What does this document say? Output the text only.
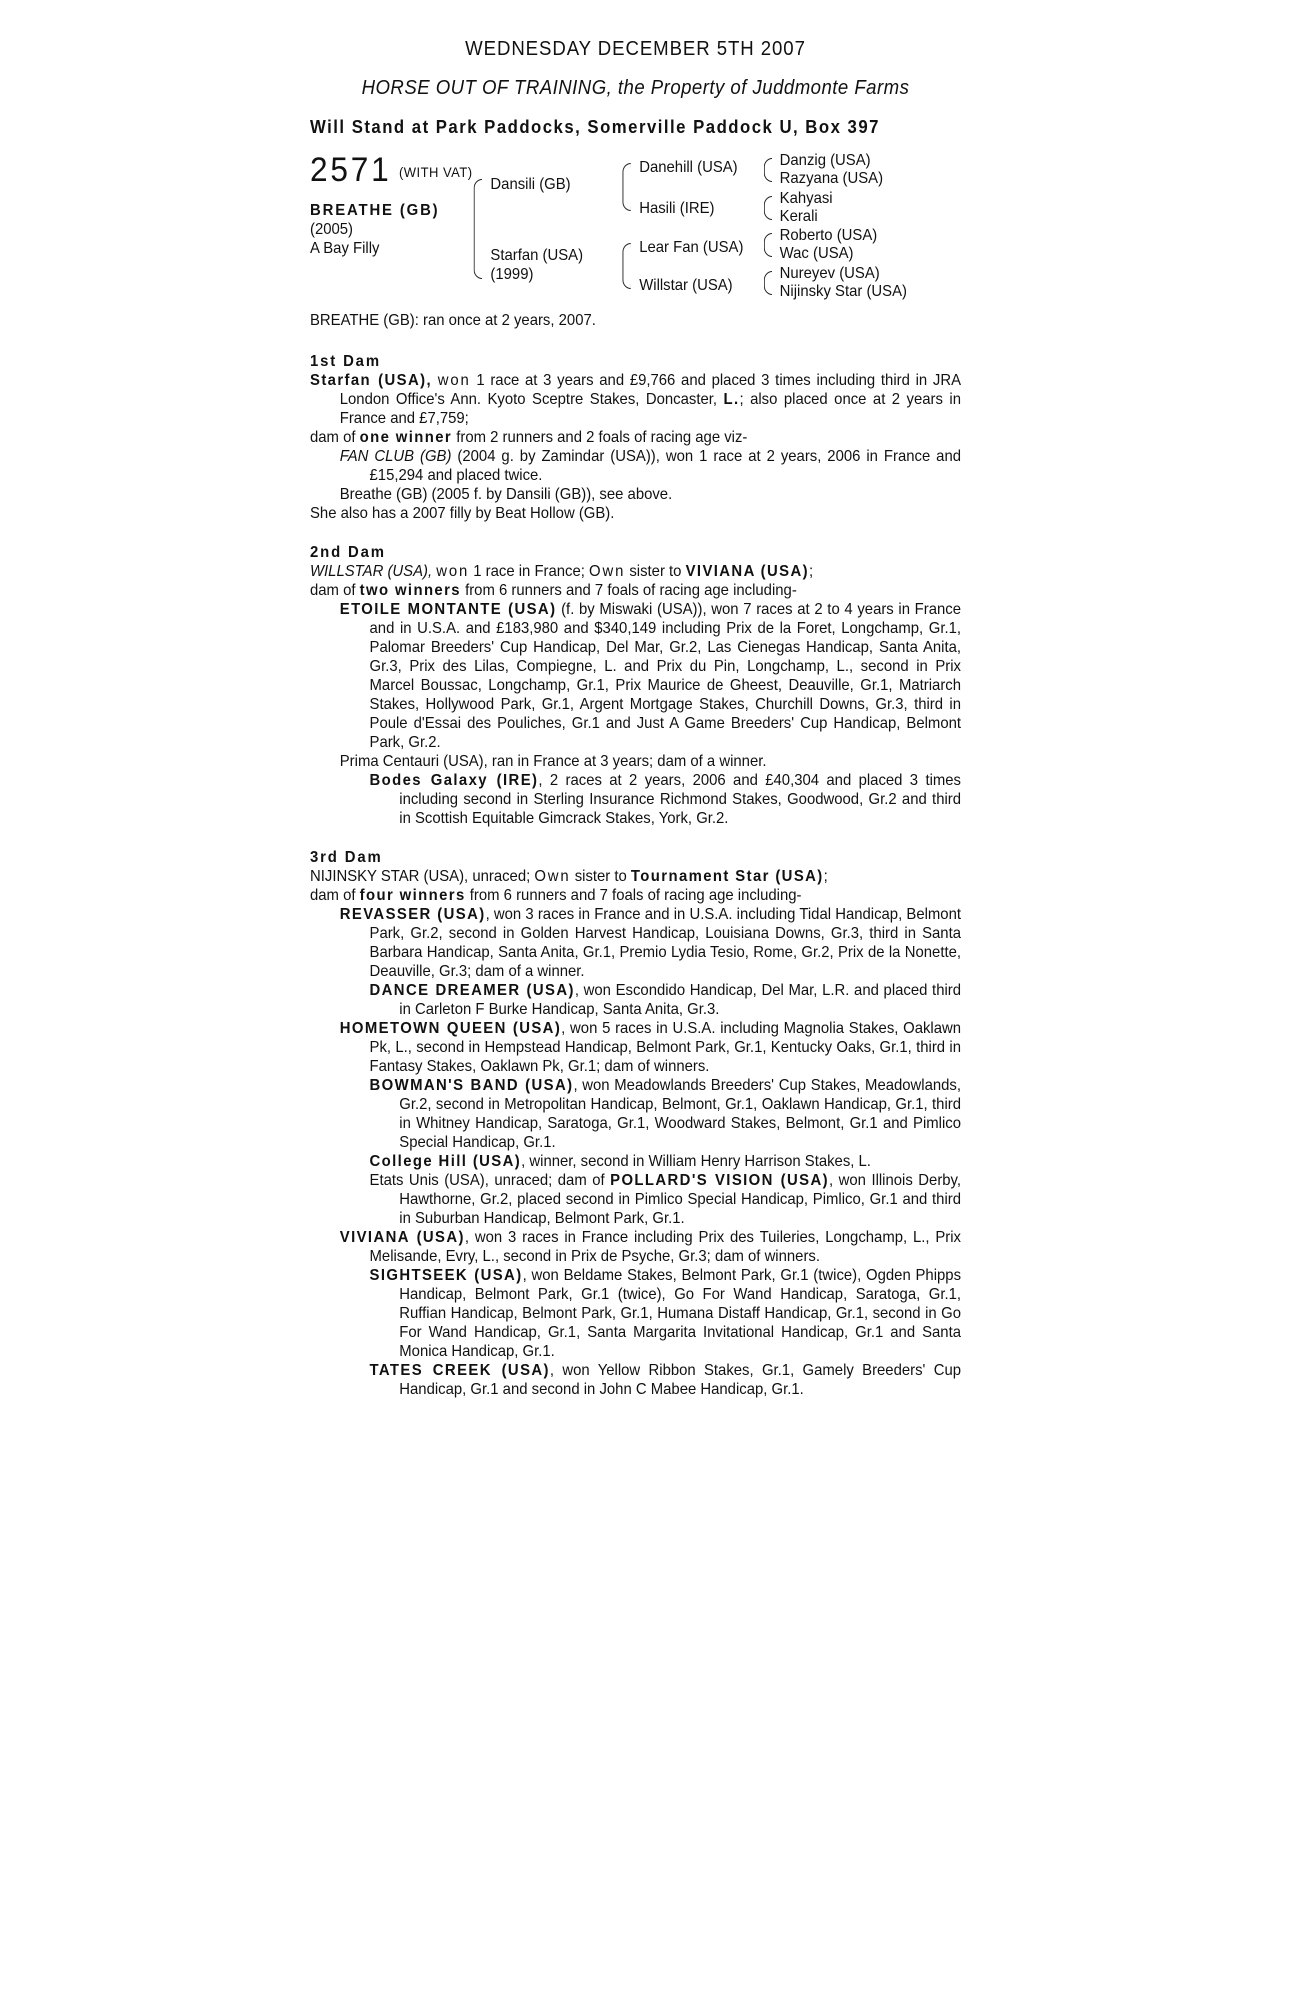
WEDNESDAY DECEMBER 5TH 2007
HORSE OUT OF TRAINING, the Property of Juddmonte Farms
Will Stand at Park Paddocks, Somerville Paddock U, Box 397
2571 (WITH VAT)
BREATHE (GB)
(2005)
A Bay Filly
Dansili (GB)
Starfan (USA)
(1999)
Danehill (USA)
Hasili (IRE)
Lear Fan (USA)
Willstar (USA)
Danzig (USA)
Razyana (USA)
Kahyasi
Kerali
Roberto (USA)
Wac (USA)
Nureyev (USA)
Nijinsky Star (USA)
BREATHE (GB): ran once at 2 years, 2007.
1st Dam

Starfan (USA), won 1 race at 3 years and £9,766 and placed 3 times including third in JRA London Office's Ann. Kyoto Sceptre Stakes, Doncaster, L.; also placed once at 2 years in France and £7,759;

dam of one winner from 2 runners and 2 foals of racing age viz-

FAN CLUB (GB) (2004 g. by Zamindar (USA)), won 1 race at 2 years, 2006 in France and £15,294 and placed twice.

Breathe (GB) (2005 f. by Dansili (GB)), see above.

She also has a 2007 filly by Beat Hollow (GB).

2nd Dam

WILLSTAR (USA), won 1 race in France; Own sister to VIVIANA (USA);

dam of two winners from 6 runners and 7 foals of racing age including-

ETOILE MONTANTE (USA) (f. by Miswaki (USA)), won 7 races at 2 to 4 years in France and in U.S.A. and £183,980 and $340,149 including Prix de la Foret, Longchamp, Gr.1, Palomar Breeders' Cup Handicap, Del Mar, Gr.2, Las Cienegas Handicap, Santa Anita, Gr.3, Prix des Lilas, Compiegne, L. and Prix du Pin, Longchamp, L., second in Prix Marcel Boussac, Longchamp, Gr.1, Prix Maurice de Gheest, Deauville, Gr.1, Matriarch Stakes, Hollywood Park, Gr.1, Argent Mortgage Stakes, Churchill Downs, Gr.3, third in Poule d'Essai des Pouliches, Gr.1 and Just A Game Breeders' Cup Handicap, Belmont Park, Gr.2.

Prima Centauri (USA), ran in France at 3 years; dam of a winner.

Bodes Galaxy (IRE), 2 races at 2 years, 2006 and £40,304 and placed 3 times including second in Sterling Insurance Richmond Stakes, Goodwood, Gr.2 and third in Scottish Equitable Gimcrack Stakes, York, Gr.2.

3rd Dam

NIJINSKY STAR (USA), unraced; Own sister to Tournament Star (USA);

dam of four winners from 6 runners and 7 foals of racing age including-

REVASSER (USA), won 3 races in France and in U.S.A. including Tidal Handicap, Belmont Park, Gr.2, second in Golden Harvest Handicap, Louisiana Downs, Gr.3, third in Santa Barbara Handicap, Santa Anita, Gr.1, Premio Lydia Tesio, Rome, Gr.2, Prix de la Nonette, Deauville, Gr.3; dam of a winner.

DANCE DREAMER (USA), won Escondido Handicap, Del Mar, L.R. and placed third in Carleton F Burke Handicap, Santa Anita, Gr.3.

HOMETOWN QUEEN (USA), won 5 races in U.S.A. including Magnolia Stakes, Oaklawn Pk, L., second in Hempstead Handicap, Belmont Park, Gr.1, Kentucky Oaks, Gr.1, third in Fantasy Stakes, Oaklawn Pk, Gr.1; dam of winners.

BOWMAN'S BAND (USA), won Meadowlands Breeders' Cup Stakes, Meadowlands, Gr.2, second in Metropolitan Handicap, Belmont, Gr.1, Oaklawn Handicap, Gr.1, third in Whitney Handicap, Saratoga, Gr.1, Woodward Stakes, Belmont, Gr.1 and Pimlico Special Handicap, Gr.1.

College Hill (USA), winner, second in William Henry Harrison Stakes, L.

Etats Unis (USA), unraced; dam of POLLARD'S VISION (USA), won Illinois Derby, Hawthorne, Gr.2, placed second in Pimlico Special Handicap, Pimlico, Gr.1 and third in Suburban Handicap, Belmont Park, Gr.1.

VIVIANA (USA), won 3 races in France including Prix des Tuileries, Longchamp, L., Prix Melisande, Evry, L., second in Prix de Psyche, Gr.3; dam of winners.

SIGHTSEEK (USA), won Beldame Stakes, Belmont Park, Gr.1 (twice), Ogden Phipps Handicap, Belmont Park, Gr.1 (twice), Go For Wand Handicap, Saratoga, Gr.1, Ruffian Handicap, Belmont Park, Gr.1, Humana Distaff Handicap, Gr.1, second in Go For Wand Handicap, Gr.1, Santa Margarita Invitational Handicap, Gr.1 and Santa Monica Handicap, Gr.1.

TATES CREEK (USA), won Yellow Ribbon Stakes, Gr.1, Gamely Breeders' Cup Handicap, Gr.1 and second in John C Mabee Handicap, Gr.1.
